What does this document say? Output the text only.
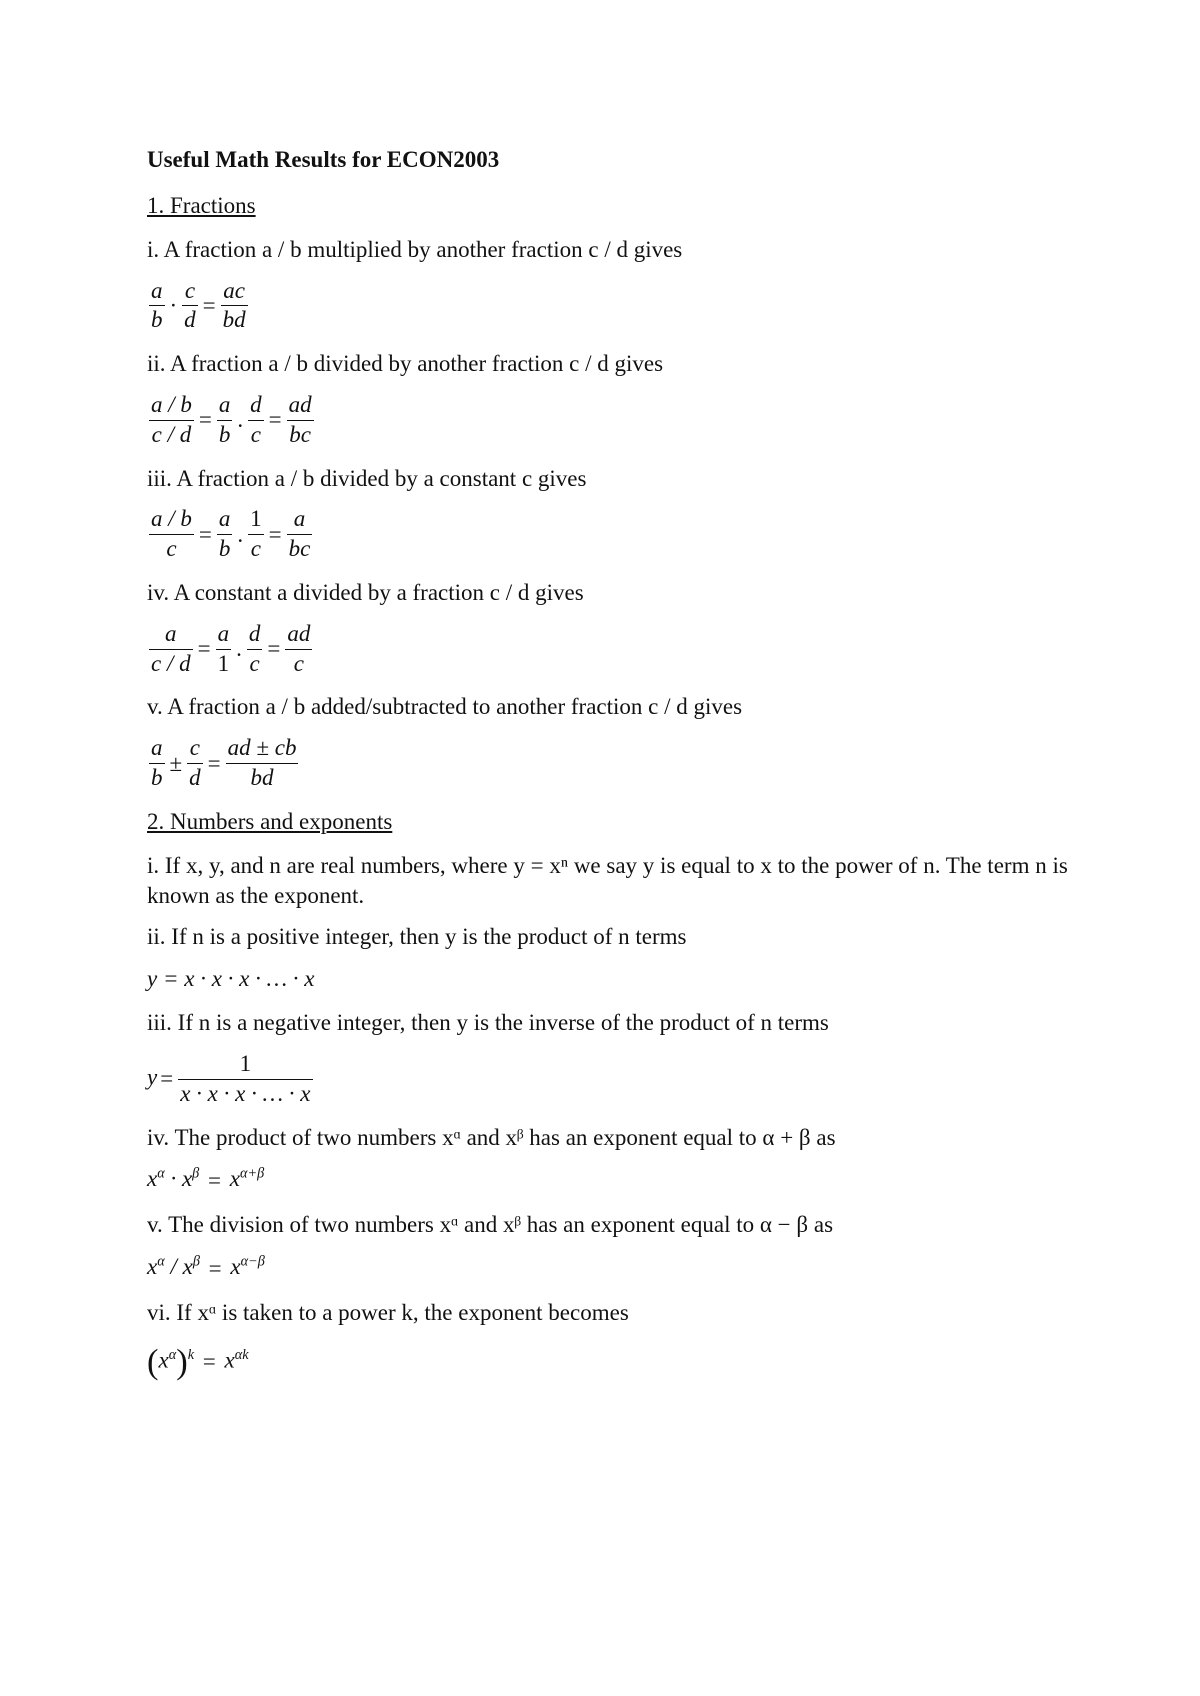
Useful Math Results for ECON2003
1. Fractions
i. A fraction a / b multiplied by another fraction c / d gives
$\frac{a}{b} \cdot \frac{c}{d} = \frac{ac}{bd}$
ii. A fraction a / b divided by another fraction c / d gives
$\frac{a / b}{c / d} = \frac{a}{b}$ . $\frac{d}{c} = \frac{ad}{bc}$
iii. A fraction a / b divided by a constant c gives
$\frac{a / b}{c} = \frac{a}{b}$ . $\frac{1}{c} = \frac{a}{bc}$
iv. A constant a divided by a fraction c / d gives
$\frac{a}{c / d} = \frac{a}{1}$ . $\frac{d}{c} = \frac{ad}{c}$
v. A fraction a / b added/subtracted to another fraction c / d gives
$\frac{a}{b} \pm \frac{c}{d} = \frac{ad \pm cb}{bd}$
2. Numbers and exponents
i. If x, y, and n are real numbers, where y = xⁿ we say y is equal to x to the power of n. The term n is known as the exponent.
ii. If n is a positive integer, then y is the product of n terms
y = x · x · x · … · x
iii. If n is a negative integer, then y is the inverse of the product of n terms
$y = \frac{1}{x \cdot x \cdot x \cdot \dots \cdot x}$
iv. The product of two numbers xᵅ and xᵝ has an exponent equal to α + β as
$x^\alpha \cdot x^\beta = x^{\alpha+\beta}$
v. The division of two numbers xᵅ and xᵝ has an exponent equal to α − β as
$x^\alpha / x^\beta = x^{\alpha-\beta}$
vi. If xᵅ is taken to a power k, the exponent becomes
$(x^\alpha)^k = x^{\alpha k}$
